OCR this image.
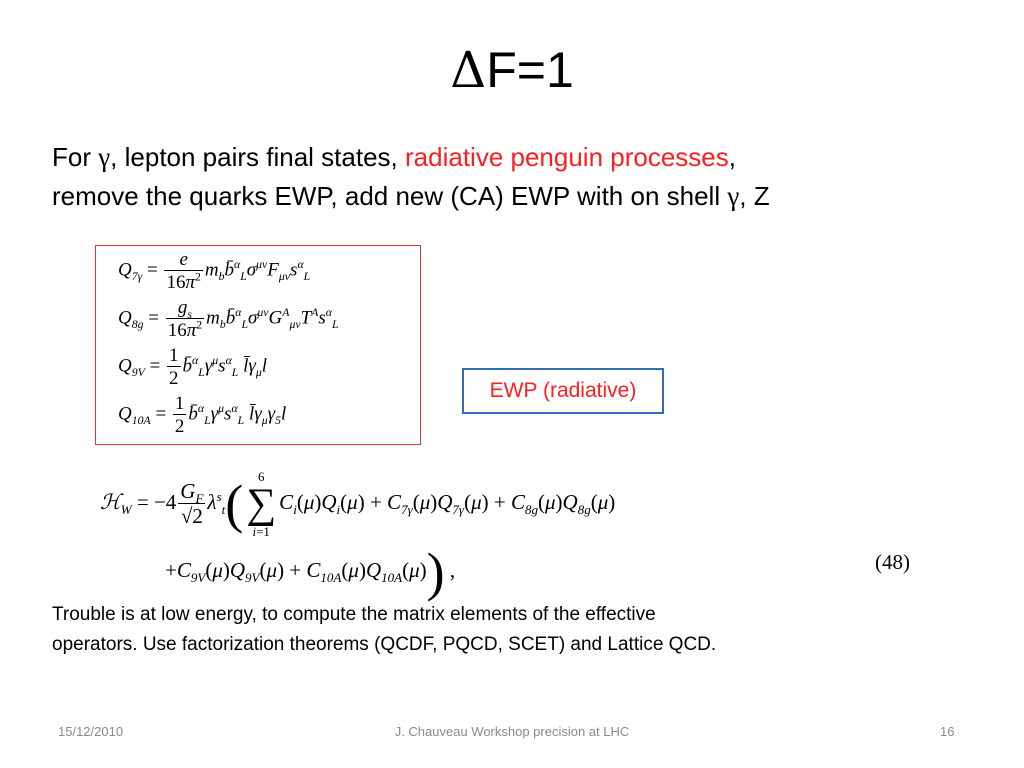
ΔF=1
For γ, lepton pairs final states, radiative penguin processes,
remove the quarks EWP, add new (CA) EWP with on shell γ, Z
$Q_{7\gamma} = \frac{e}{16\pi^2}$ $m_bb̄^\alpha_L\sigma^{\mu\nu}F_{\mu\nu}s^\alpha_L$
$Q_{8g} = \frac{g_s}{16\pi^2}$ $m_bb̄^\alpha_L\sigma^{\mu\nu}G^A_{\mu\nu}T^As^\alpha_L$
$Q_{9V} = \frac{1}{2}$ $b̄^\alpha_L\gamma^\mu s^\alpha_L$ $l̄\gamma_\mu l$
$Q_{10A} = \frac{1}{2}$ $b̄^\alpha_L\gamma^\mu s^\alpha_L$ $l̄\gamma_\mu\gamma_5l$
EWP (radiative)
ℋ$_W$ = $-4 \frac{G_F}{√2} \lambda^s_t$(	6
∑
i=1
$C_i(\mu)Q_i(\mu) + C_{7\gamma}(\mu)Q_{7\gamma}(\mu) + C_{8g}(\mu)Q_{8g}(\mu)$
$+C_{9V}(\mu)Q_{9V}(\mu) + C_{10A}(\mu)Q_{10A}(\mu)$) ,	(48)
Trouble is at low energy, to compute the matrix elements of the effective
operators. Use factorization theorems (QCDF, PQCD, SCET) and Lattice QCD.
15/12/2010	J. Chauveau Workshop precision at LHC	16
